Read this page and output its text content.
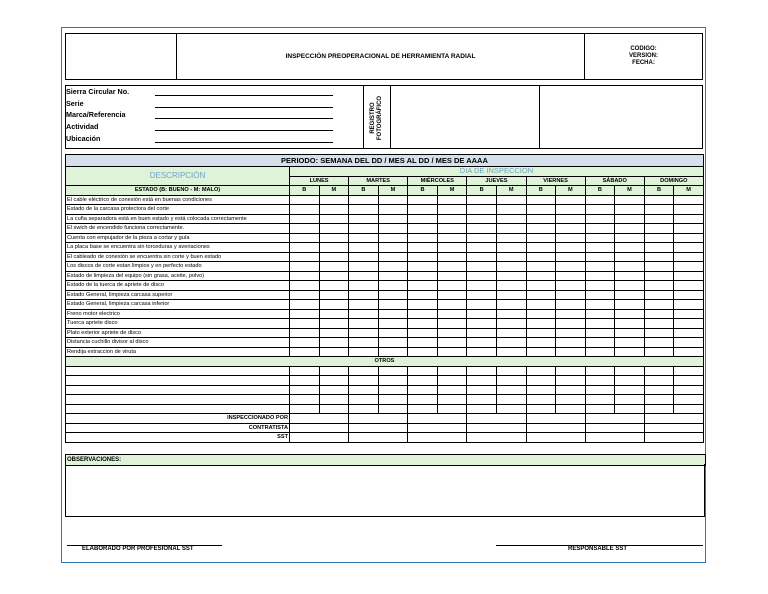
INSPECCIÓN PREOPERACIONAL DE HERRAMIENTA RADIAL
CODIGO:
VERSION:
FECHA:
Sierra Circular No.
Serie
Marca/Referencia
Actividad
Ubicación
REGISTRO FOTOGRÁFICO
PERIODO: SEMANA DEL DD / MES AL DD / MES DE AAAA														
DESCRIPCIÓN	DIA DE INSPECCION													
	LUNES		MARTES		MIÉRCOLES		JUEVES		VIERNES		SÁBADO		DOMINGO	
ESTADO (B: BUENO - M: MALO)	B	M	B	M	B	M	B	M	B	M	B	M	B	M
El cable eléctrico de conexión está en buenas condiciones														
Estado de la carcasa protectora del corte														
La cuña separadora está en buen estado y está colocada correctamente														
El swich de encendido funciona correctamente.														
Cuenta con empujador de la pieza a cortar y guía														
La placa base se encuentra sin torceduras y averiaciones														
El cableado de conexión se encuentra sin corte y buen estado														
Los discos de corte estan limpios y en perfecto estado														
Estado de limpieza del equipo (sin grasa, aceite, polvo)														
Estado de la tuerca de apriete de disco														
Estado General, limpieza carcasa superior														
Estado General, limpieza carcasa inferior														
Freno motor electrico														
Tuerca apriete disco														
Plato exterior apriete de disco														
Distancia cuchillo divisor al disco														
Rendija extraccion de viruta														
OTROS														

INSPECCIONADO POR														
CONTRATISTA														
SST														
OBSERVACIONES:
ELABORADO POR PROFESIONAL SST	RESPONSABLE SST
